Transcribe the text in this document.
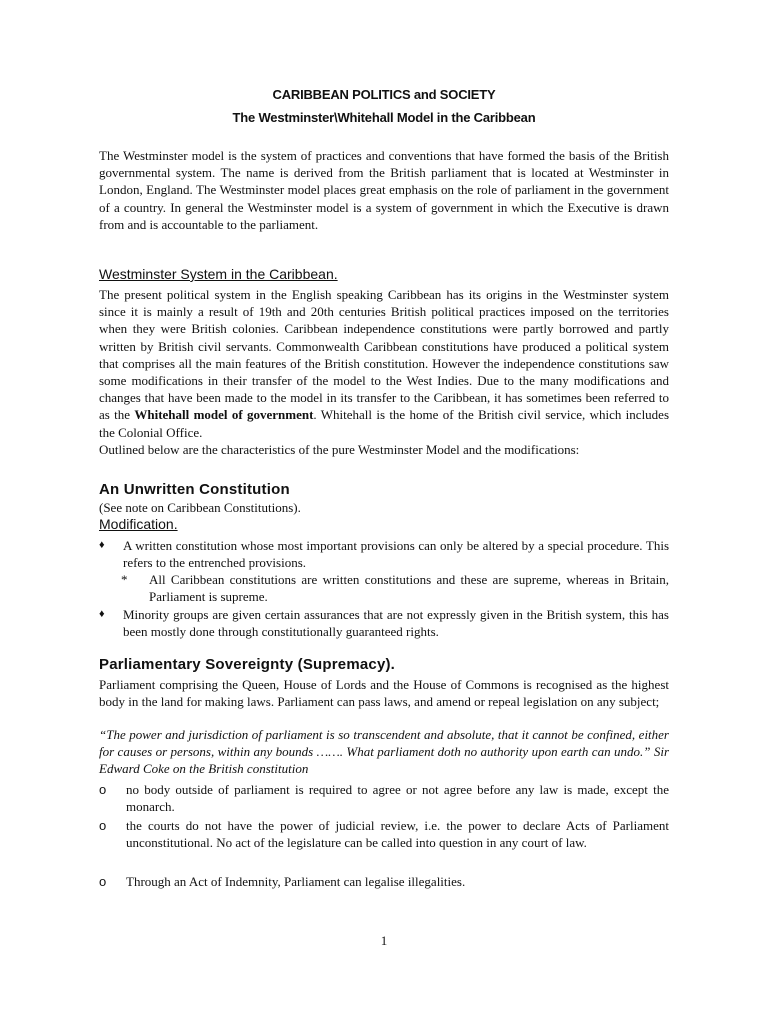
CARIBBEAN POLITICS and SOCIETY
The Westminster\Whitehall Model in the Caribbean
The Westminster model is the system of practices and conventions that have formed the basis of the British governmental system. The name is derived from the British parliament that is located at Westminster in London, England. The Westminster model places great emphasis on the role of parliament in the government of a country. In general the Westminster model is a system of government in which the Executive is drawn from and is accountable to the parliament.
Westminster System in the Caribbean.
The present political system in the English speaking Caribbean has its origins in the Westminster system since it is mainly a result of 19th and 20th centuries British political practices imposed on the territories when they were British colonies. Caribbean independence constitutions were partly borrowed and partly written by British civil servants. Commonwealth Caribbean constitutions have produced a political system that comprises all the main features of the British constitution. However the independence constitutions saw some modifications in their transfer of the model to the West Indies. Due to the many modifications and changes that have been made to the model in its transfer to the Caribbean, it has sometimes been referred to as the Whitehall model of government. Whitehall is the home of the British civil service, which includes the Colonial Office.
Outlined below are the characteristics of the pure Westminster Model and the modifications:
An Unwritten Constitution
(See note on Caribbean Constitutions).
Modification.
♦	A written constitution whose most important provisions can only be altered by a special procedure. This refers to the entrenched provisions.
* All Caribbean constitutions are written constitutions and these are supreme, whereas in Britain, Parliament is supreme.
♦	Minority groups are given certain assurances that are not expressly given in the British system, this has been mostly done through constitutionally guaranteed rights.
Parliamentary Sovereignty (Supremacy).
Parliament comprising the Queen, House of Lords and the House of Commons is recognised as the highest body in the land for making laws. Parliament can pass laws, and amend or repeal legislation on any subject;
“The power and jurisdiction of parliament is so transcendent and absolute, that it cannot be confined, either for causes or persons, within any bounds ……. What parliament doth no authority upon earth can undo.” Sir Edward Coke on the British constitution
o no body outside of parliament is required to agree or not agree before any law is made, except the monarch.
o the courts do not have the power of judicial review, i.e. the power to declare Acts of Parliament unconstitutional. No act of the legislature can be called into question in any court of law.
o Through an Act of Indemnity, Parliament can legalise illegalities.
1
